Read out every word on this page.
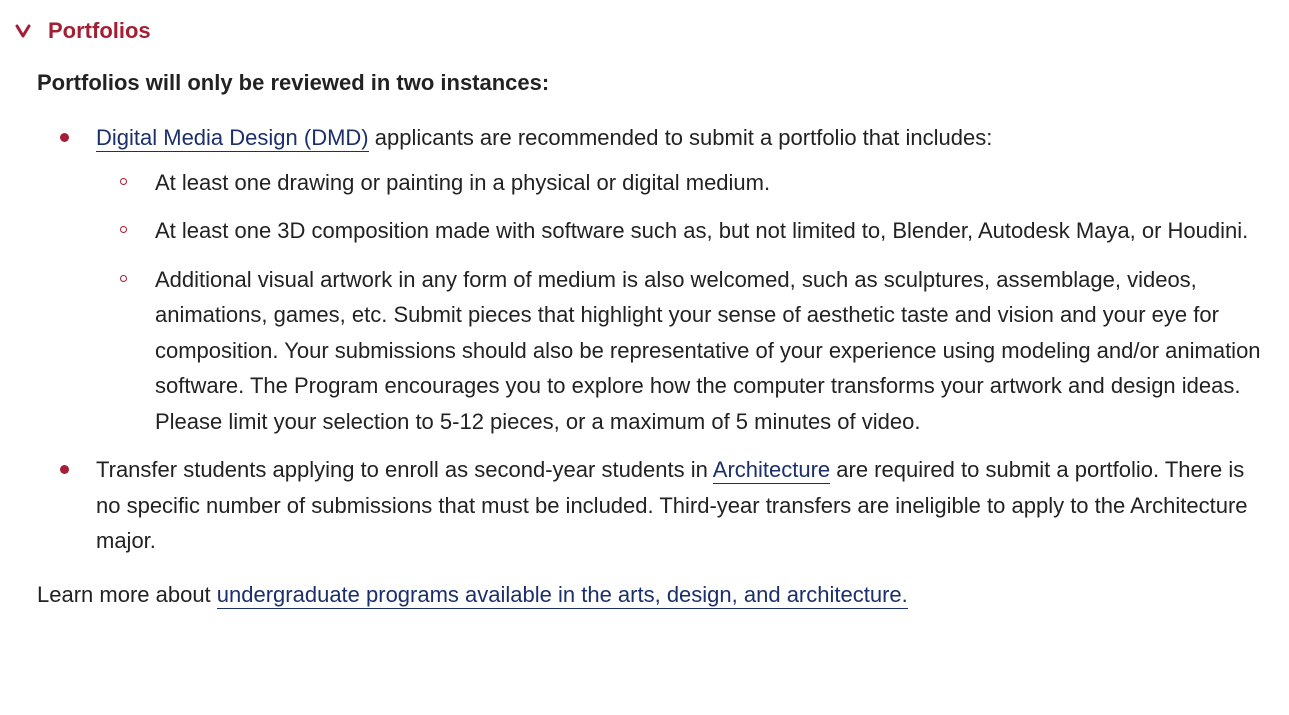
Portfolios

Portfolios will only be reviewed in two instances:

Digital Media Design (DMD) applicants are recommended to submit a portfolio that includes:
At least one drawing or painting in a physical or digital medium.
At least one 3D composition made with software such as, but not limited to, Blender, Autodesk Maya, or Houdini.
Additional visual artwork in any form of medium is also welcomed, such as sculptures, assemblage, videos, animations, games, etc. Submit pieces that highlight your sense of aesthetic taste and vision and your eye for composition. Your submissions should also be representative of your experience using modeling and/or animation software. The Program encourages you to explore how the computer transforms your artwork and design ideas. Please limit your selection to 5-12 pieces, or a maximum of 5 minutes of video.
Transfer students applying to enroll as second-year students in Architecture are required to submit a portfolio. There is no specific number of submissions that must be included. Third-year transfers are ineligible to apply to the Architecture major.

Learn more about undergraduate programs available in the arts, design, and architecture.
